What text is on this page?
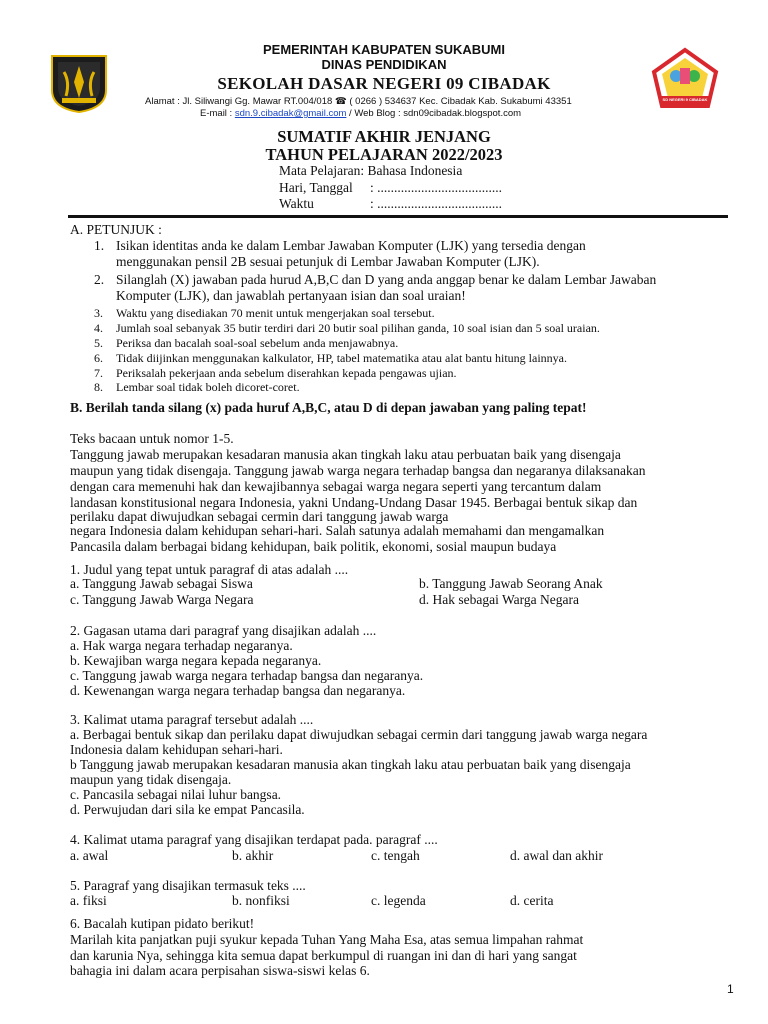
PEMERINTAH KABUPATEN SUKABUMI
DINAS PENDIDIKAN
SEKOLAH DASAR NEGERI 09 CIBADAK
Alamat : Jl. Siliwangi Gg. Mawar RT.004/018 ☎ ( 0266 ) 534637 Kec. Cibadak Kab. Sukabumi 43351
E-mail : sdn.9.cibadak@gmail.com / Web Blog : sdn09cibadak.blogspot.com
SD NEGERI 9 CIBADAK
SUMATIF AKHIR JENJANG
TAHUN PELAJARAN 2022/2023
Mata Pelajaran: Bahasa Indonesia
Hari, Tanggal : .....................................
Waktu	: .....................................
A. PETUNJUK :
1. Isikan identitas anda ke dalam Lembar Jawaban Komputer (LJK) yang tersedia dengan
menggunakan pensil 2B sesuai petunjuk di Lembar Jawaban Komputer (LJK).
2. Silanglah (X) jawaban pada hurud A,B,C dan D yang anda anggap benar ke dalam Lembar Jawaban
Komputer (LJK), dan jawablah pertanyaan isian dan soal uraian!
3. Waktu yang disediakan 70 menit untuk mengerjakan soal tersebut.
4. Jumlah soal sebanyak 35 butir terdiri dari 20 butir soal pilihan ganda, 10 soal isian dan 5 soal uraian.
5. Periksa dan bacalah soal-soal sebelum anda menjawabnya.
6. Tidak diijinkan menggunakan kalkulator, HP, tabel matematika atau alat bantu hitung lainnya.
7. Periksalah pekerjaan anda sebelum diserahkan kepada pengawas ujian.
8. Lembar soal tidak boleh dicoret-coret.
B. Berilah tanda silang (x) pada huruf A,B,C, atau D di depan jawaban yang paling tepat!
Teks bacaan untuk nomor 1-5.
Tanggung jawab merupakan kesadaran manusia akan tingkah laku atau perbuatan baik yang disengaja
maupun yang tidak disengaja. Tanggung jawab warga negara terhadap bangsa dan negaranya dilaksanakan
dengan cara memenuhi hak dan kewajibannya sebagai warga negara seperti yang tercantum dalam
landasan konstitusional negara Indonesia, yakni Undang-Undang Dasar 1945. Berbagai bentuk sikap dan
perilaku dapat diwujudkan sebagai cermin dari tanggung jawab warga
negara Indonesia dalam kehidupan sehari-hari. Salah satunya adalah memahami dan mengamalkan
Pancasila dalam berbagai bidang kehidupan, baik politik, ekonomi, sosial maupun budaya
1. Judul yang tepat untuk paragraf di atas adalah ....
a. Tanggung Jawab sebagai Siswa	b. Tanggung Jawab Seorang Anak
c. Tanggung Jawab Warga Negara	d. Hak sebagai Warga Negara
2. Gagasan utama dari paragraf yang disajikan adalah ....
a. Hak warga negara terhadap negaranya.
b. Kewajiban warga negara kepada negaranya.
c. Tanggung jawab warga negara terhadap bangsa dan negaranya.
d. Kewenangan warga negara terhadap bangsa dan negaranya.
3. Kalimat utama paragraf tersebut adalah ....
a. Berbagai bentuk sikap dan perilaku dapat diwujudkan sebagai cermin dari tanggung jawab warga negara
Indonesia dalam kehidupan sehari-hari.
b Tanggung jawab merupakan kesadaran manusia akan tingkah laku atau perbuatan baik yang disengaja
maupun yang tidak disengaja.
c. Pancasila sebagai nilai luhur bangsa.
d. Perwujudan dari sila ke empat Pancasila.
4. Kalimat utama paragraf yang disajikan terdapat pada. paragraf ....
a. awal	b. akhir	c. tengah	d. awal dan akhir
5. Paragraf yang disajikan termasuk teks ....
a. fiksi	b. nonfiksi	c. legenda	d. cerita
6. Bacalah kutipan pidato berikut!
Marilah kita panjatkan puji syukur kepada Tuhan Yang Maha Esa, atas semua limpahan rahmat
dan karunia Nya, sehingga kita semua dapat berkumpul di ruangan ini dan di hari yang sangat
bahagia ini dalam acara perpisahan siswa-siswi kelas 6.
1
